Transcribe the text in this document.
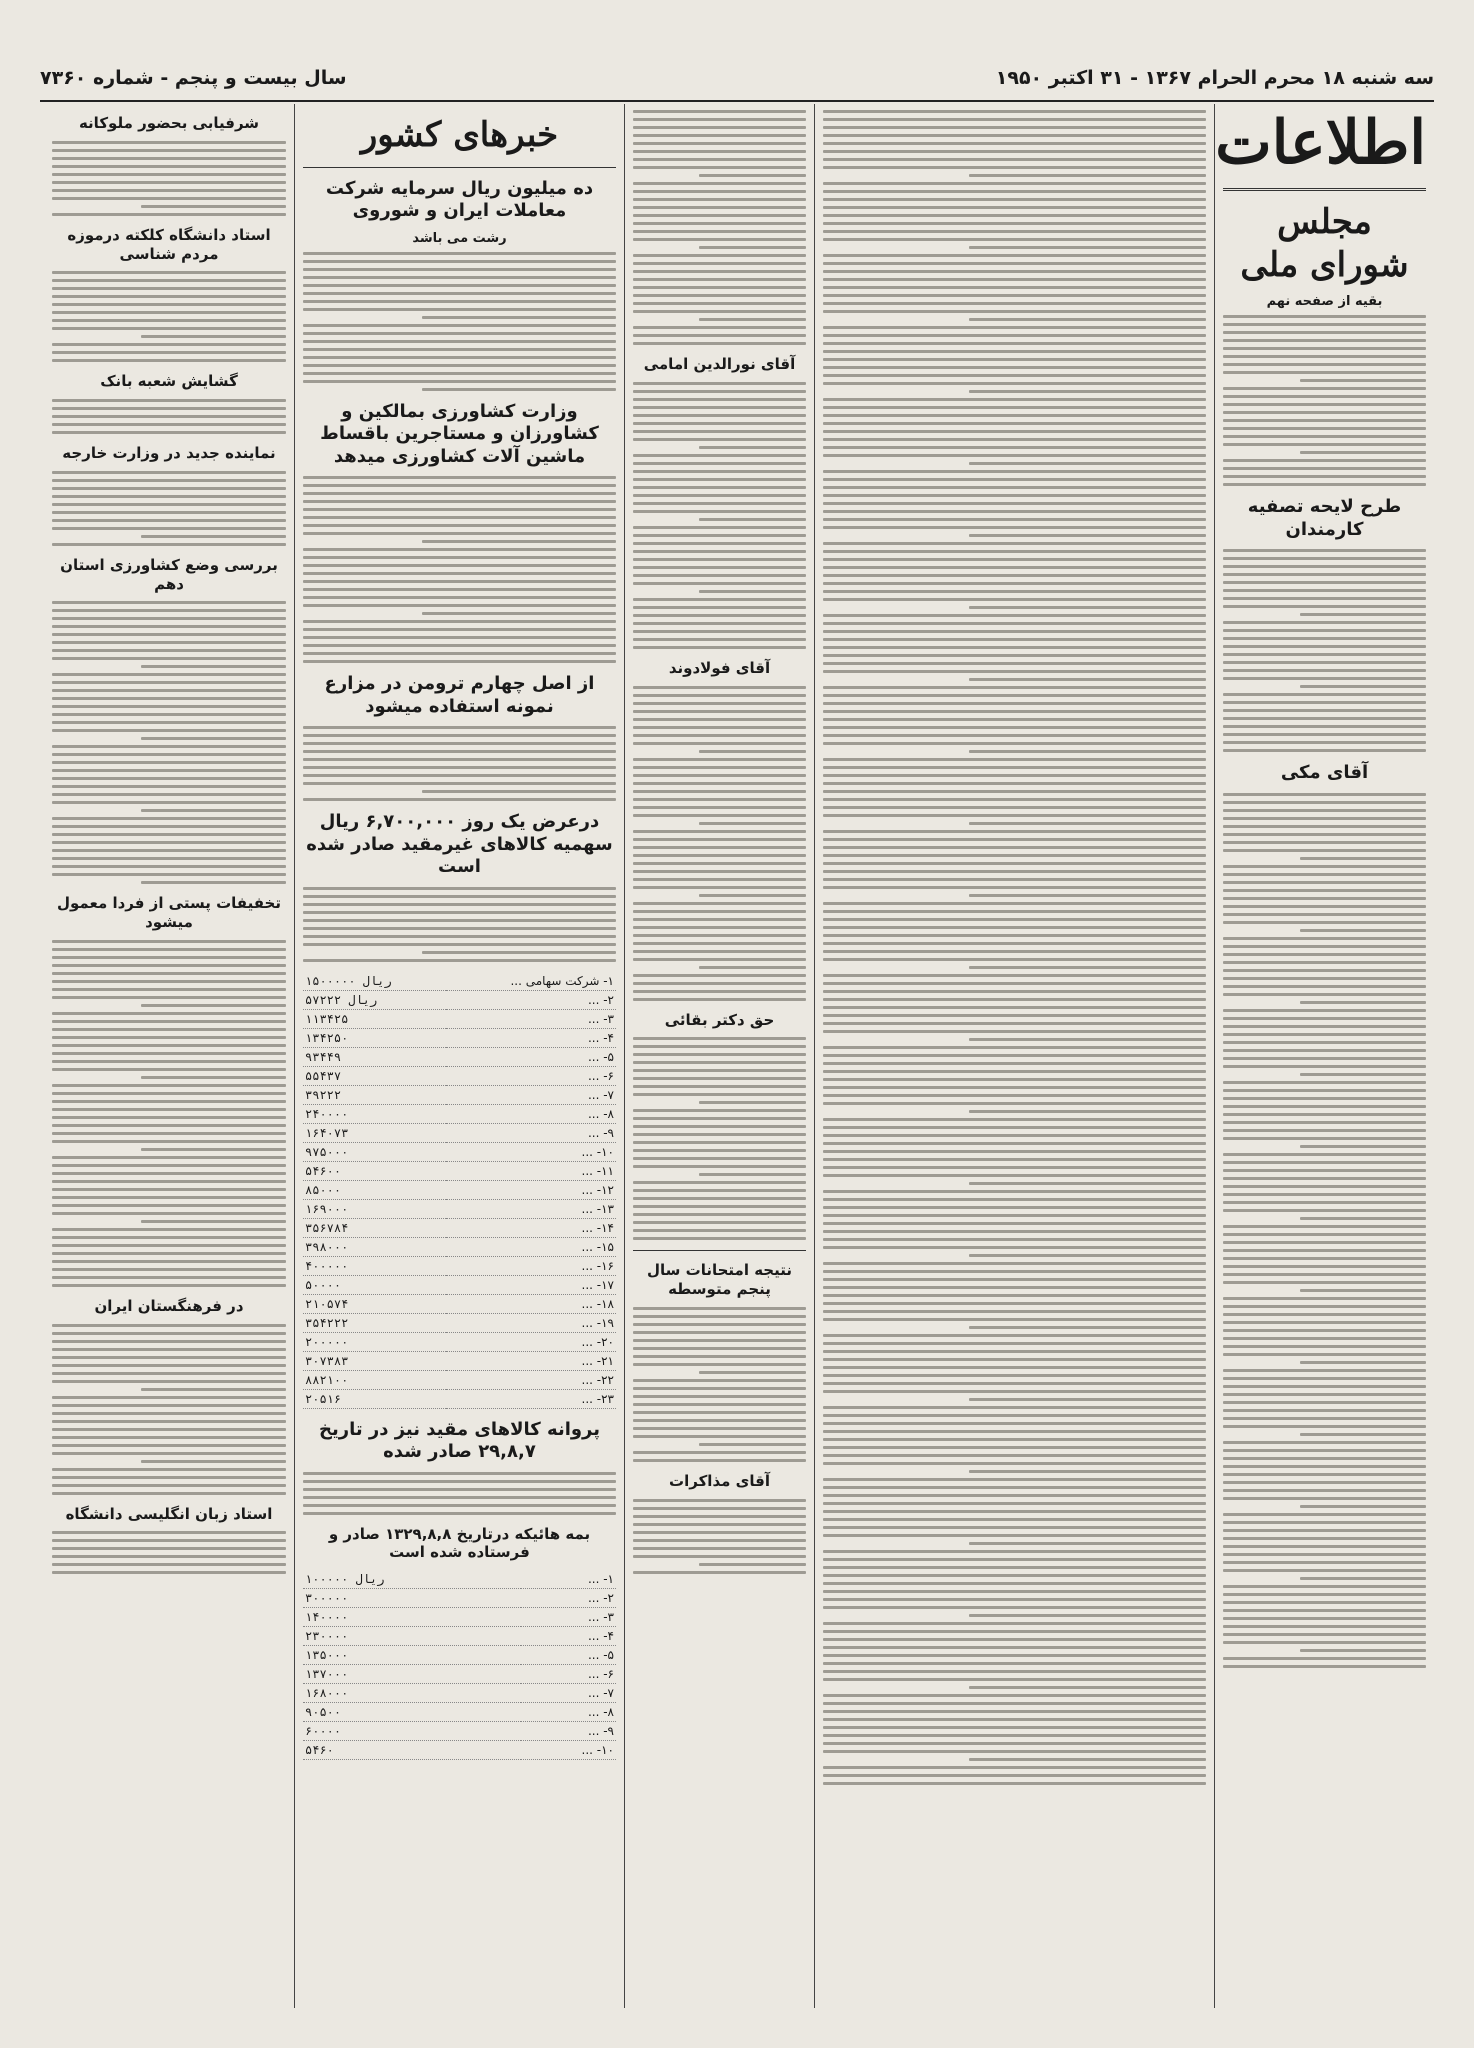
سه شنبه ۱۸ محرم الحرام ۱۳۶۷ - ۳۱ اکتبر ۱۹۵۰
سال بیست و پنجم - شماره ۷۳۶۰
اطلاعات
مجلس شورای ملی
بقیه از صفحه نهم
طرح لایحه تصفیه کارمندان
آقای مکی
آقای نورالدین امامی
آقای فولادوند
حق دکتر بقائی
نتیجه امتحانات سال پنجم متوسطه
آقای مذاکرات
خبرهای کشور
ده میلیون ریال سرمایه شرکت معاملات ایران و شوروی
رشت می باشد
وزارت کشاورزی بمالکین و کشاورزان و مستاجرین باقساط ماشین آلات کشاورزی میدهد
از اصل چهارم ترومن در مزارع نمونه استفاده میشود
درعرض یک روز ۶,۷۰۰,۰۰۰ ریال سهمیه کالاهای غیرمقید صادر شده است
۱- شرکت سهامی ...	۱۵۰۰۰۰۰ ریال
۲- ...	۵۷۲۲۲ ریال
۳- ...	۱۱۳۴۲۵
۴- ...	۱۳۴۲۵۰
۵- ...	۹۳۴۴۹
۶- ...	۵۵۴۳۷
۷- ...	۳۹۲۲۲
۸- ...	۲۴۰۰۰۰
۹- ...	۱۶۴۰۷۳
۱۰- ...	۹۷۵۰۰۰
۱۱- ...	۵۴۶۰۰
۱۲- ...	۸۵۰۰۰
۱۳- ...	۱۶۹۰۰۰
۱۴- ...	۳۵۶۷۸۴
۱۵- ...	۳۹۸۰۰۰
۱۶- ...	۴۰۰۰۰۰
۱۷- ...	۵۰۰۰۰
۱۸- ...	۲۱۰۵۷۴
۱۹- ...	۳۵۴۲۲۲
۲۰- ...	۲۰۰۰۰۰
۲۱- ...	۳۰۷۳۸۳
۲۲- ...	۸۸۲۱۰۰
۲۳- ...	۲۰۵۱۶
پروانه کالاهای مقید نیز در تاریخ ۲۹,۸,۷ صادر شده
بمه هائیکه درتاریخ ۱۳۲۹,۸,۸ صادر و فرستاده شده است
۱- ...	۱۰۰۰۰۰ ریال
۲- ...	۳۰۰۰۰۰
۳- ...	۱۴۰۰۰۰
۴- ...	۲۳۰۰۰۰
۵- ...	۱۳۵۰۰۰
۶- ...	۱۳۷۰۰۰
۷- ...	۱۶۸۰۰۰
۸- ...	۹۰۵۰۰
۹- ...	۶۰۰۰۰
۱۰- ...	۵۴۶۰
شرفیابی بحضور ملوکانه
استاد دانشگاه کلکته درموزه مردم شناسی
گشایش شعبه بانک
نماینده جدید در وزارت خارجه
بررسی وضع کشاورزی استان دهم
تخفیفات پستی از فردا معمول میشود
در فرهنگستان ایران
استاد زبان انگلیسی دانشگاه
